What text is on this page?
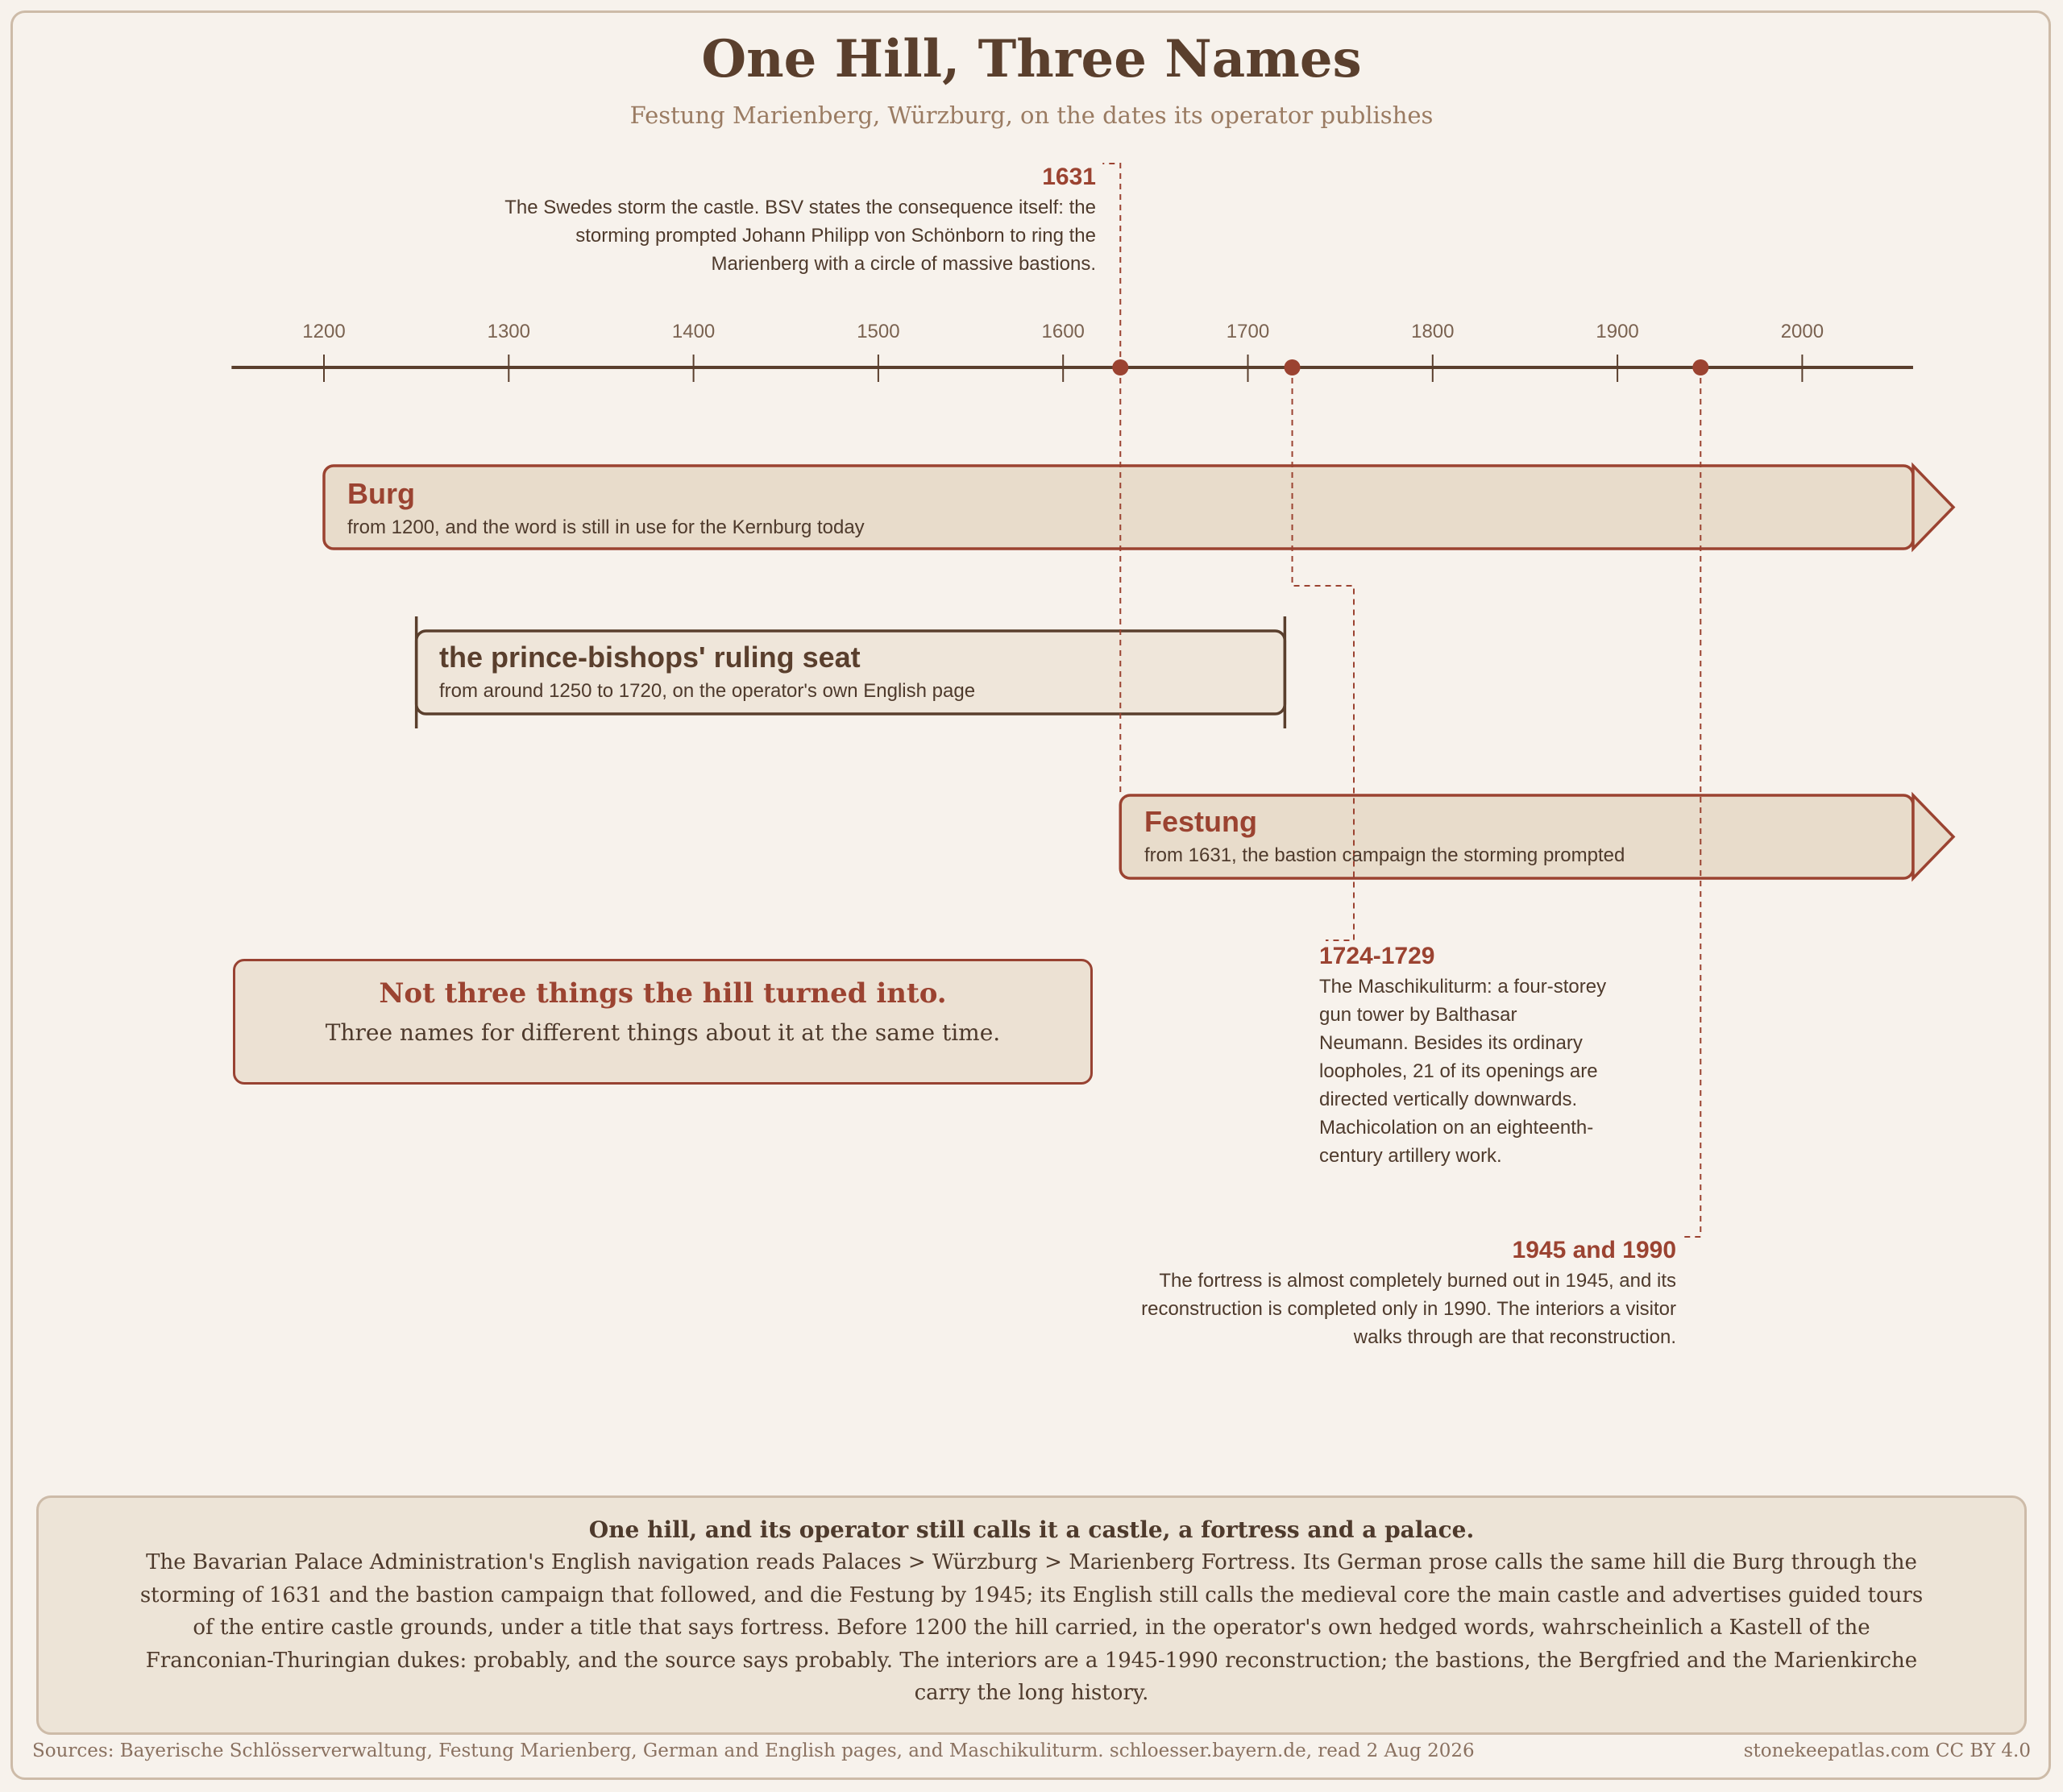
One Hill, Three Names
Festung Marienberg, Würzburg, on the dates its operator publishes
1200	1300	1400	1500	1600	1700	1800	1900	2000
1631
The Swedes storm the castle. BSV states the consequence itself: the storming prompted Johann Philipp von Schönborn to ring the Marienberg with a circle of massive bastions.
1724-1729
The Maschikuliturm: a four-storey gun tower by Balthasar Neumann. Besides its ordinary loopholes, 21 of its openings are directed vertically downwards. Machicolation on an eighteenth-century artillery work.
1945 and 1990
The fortress is almost completely burned out in 1945, and its reconstruction is completed only in 1990. The interiors a visitor walks through are that reconstruction.
Burg
from 1200, and the word is still in use for the Kernburg today
the prince-bishops' ruling seat
from around 1250 to 1720, on the operator's own English page
Festung
from 1631, the bastion campaign the storming prompted
Not three things the hill turned into.
Three names for different things about it at the same time.
One hill, and its operator still calls it a castle, a fortress and a palace.
The Bavarian Palace Administration's English navigation reads Palaces > Würzburg > Marienberg Fortress. Its German prose calls the same hill die Burg through the storming of 1631 and the bastion campaign that followed, and die Festung by 1945; its English still calls the medieval core the main castle and advertises guided tours of the entire castle grounds, under a title that says fortress. Before 1200 the hill carried, in the operator's own hedged words, wahrscheinlich a Kastell of the Franconian-Thuringian dukes: probably, and the source says probably. The interiors are a 1945-1990 reconstruction; the bastions, the Bergfried and the Marienkirche carry the long history.
Sources: Bayerische Schlösserverwaltung, Festung Marienberg, German and English pages, and Maschikuliturm. schloesser.bayern.de, read 2 Aug 2026	stonekeepatlas.com CC BY 4.0
